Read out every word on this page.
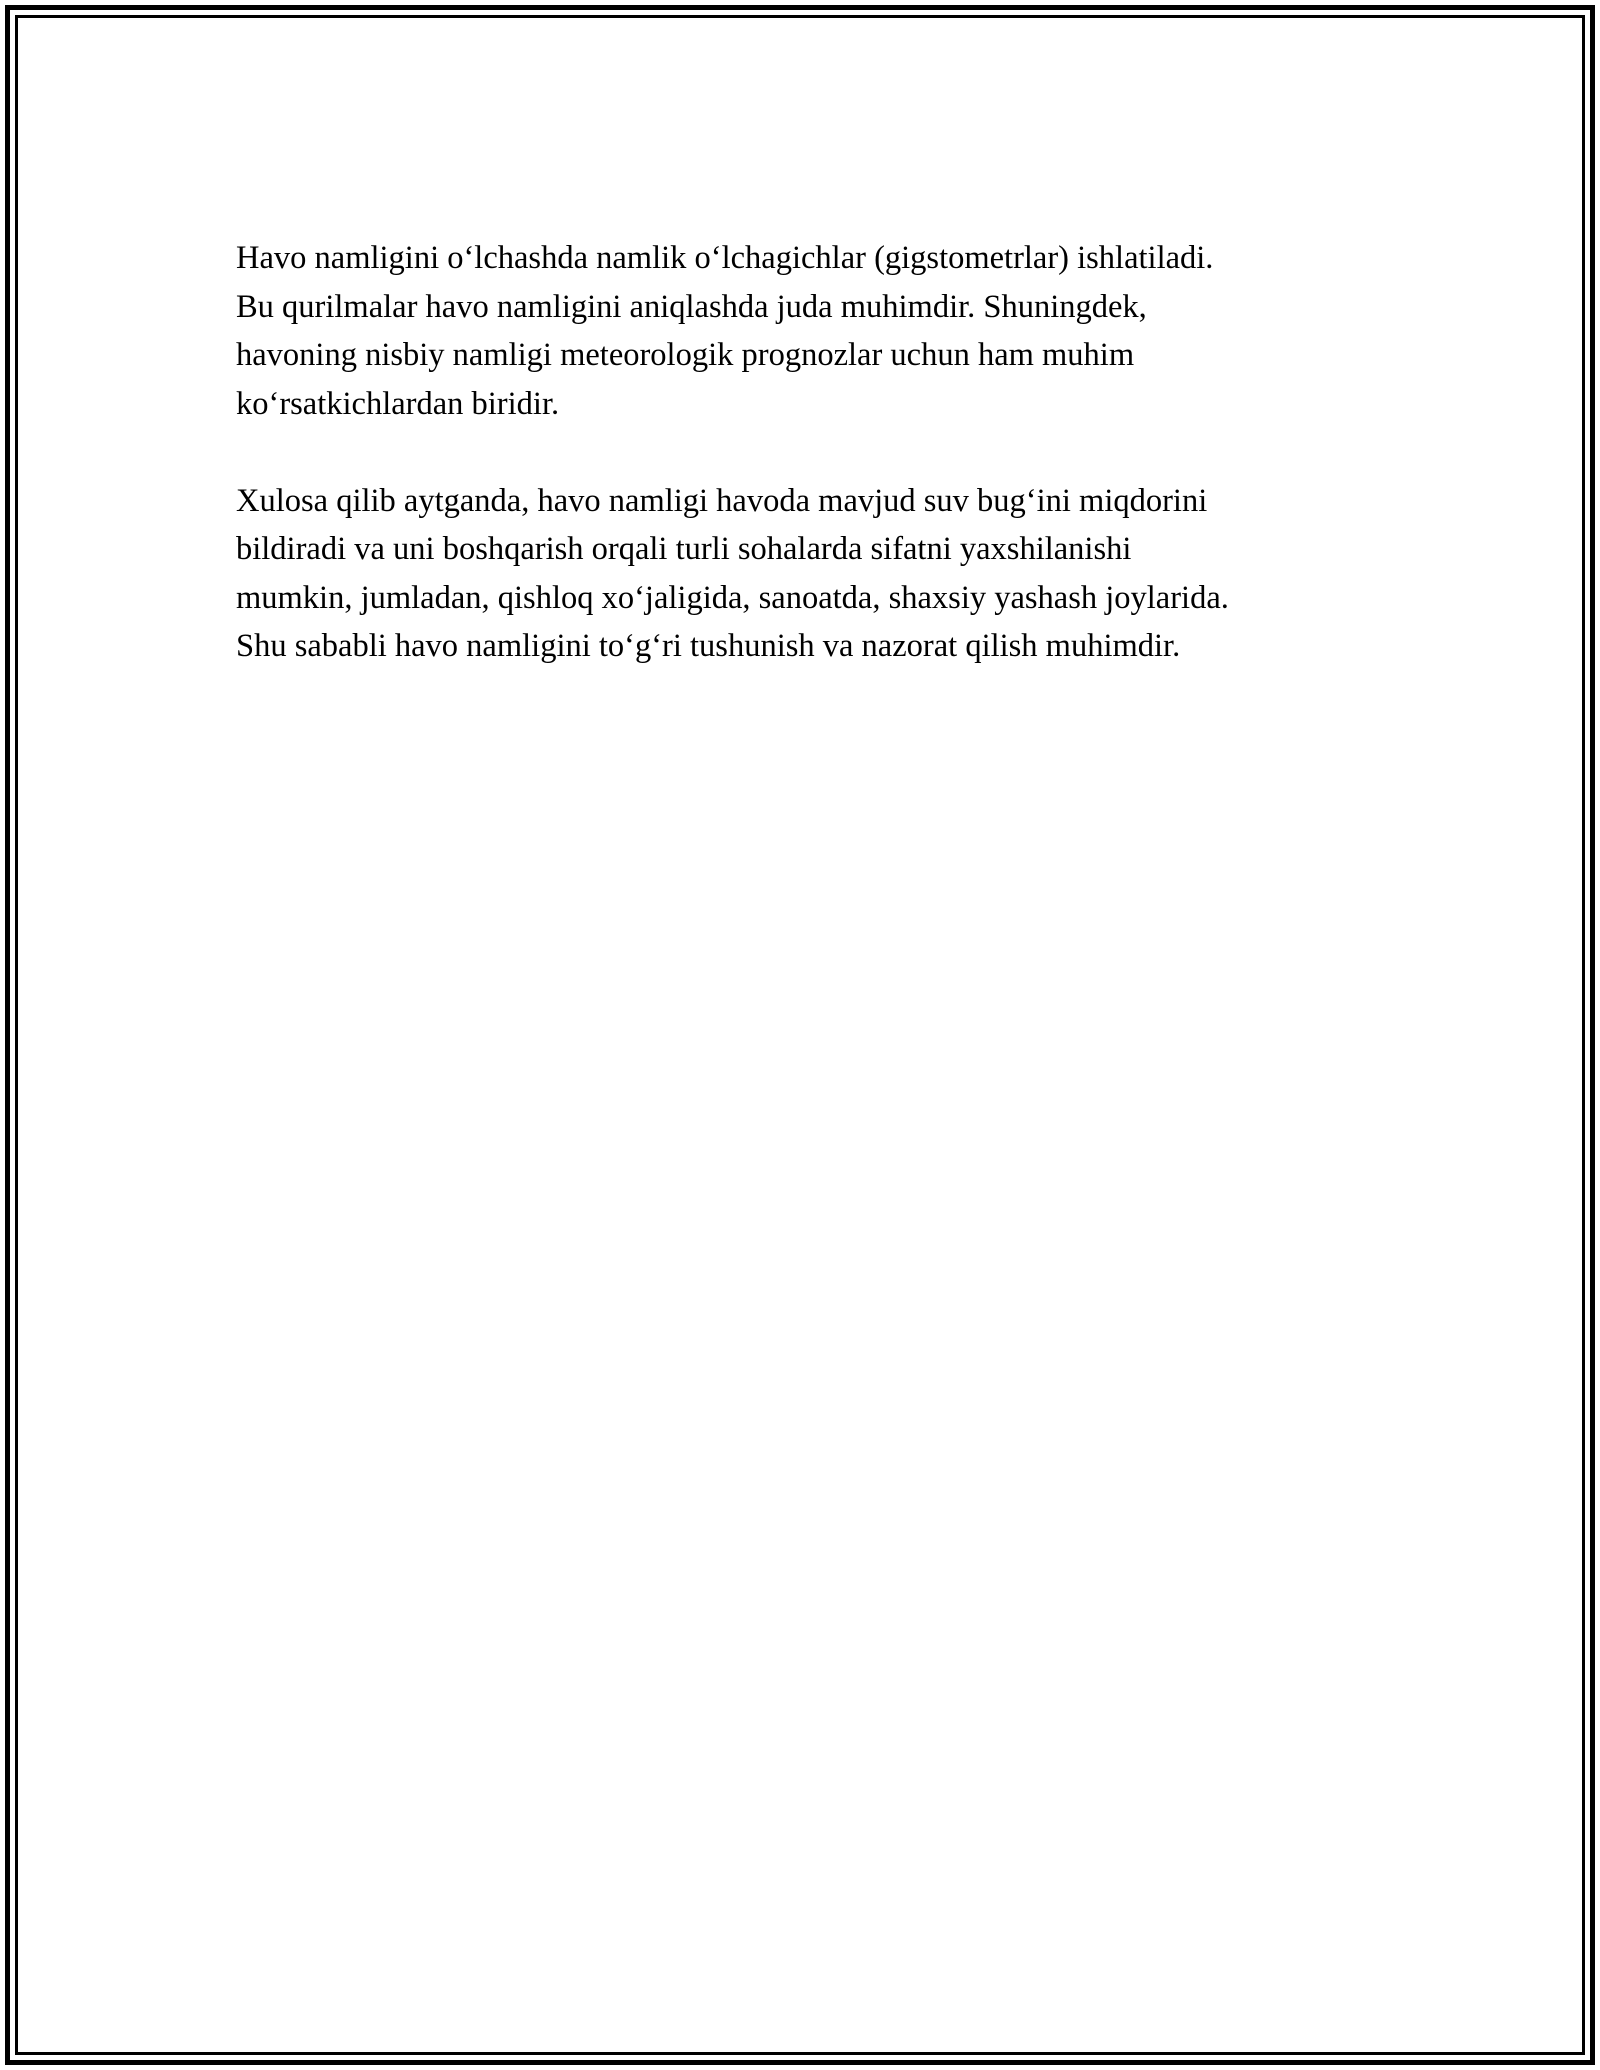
Havo namligini o‘lchashda namlik o‘lchagichlar (gigstometrlar) ishlatiladi.
Bu qurilmalar havo namligini aniqlashda juda muhimdir. Shuningdek,
havoning nisbiy namligi meteorologik prognozlar uchun ham muhim
ko‘rsatkichlardan biridir.

Xulosa qilib aytganda, havo namligi havoda mavjud suv bug‘ini miqdorini
bildiradi va uni boshqarish orqali turli sohalarda sifatni yaxshilanishi
mumkin, jumladan, qishloq xo‘jaligida, sanoatda, shaxsiy yashash joylarida.
Shu sababli havo namligini to‘g‘ri tushunish va nazorat qilish muhimdir.
